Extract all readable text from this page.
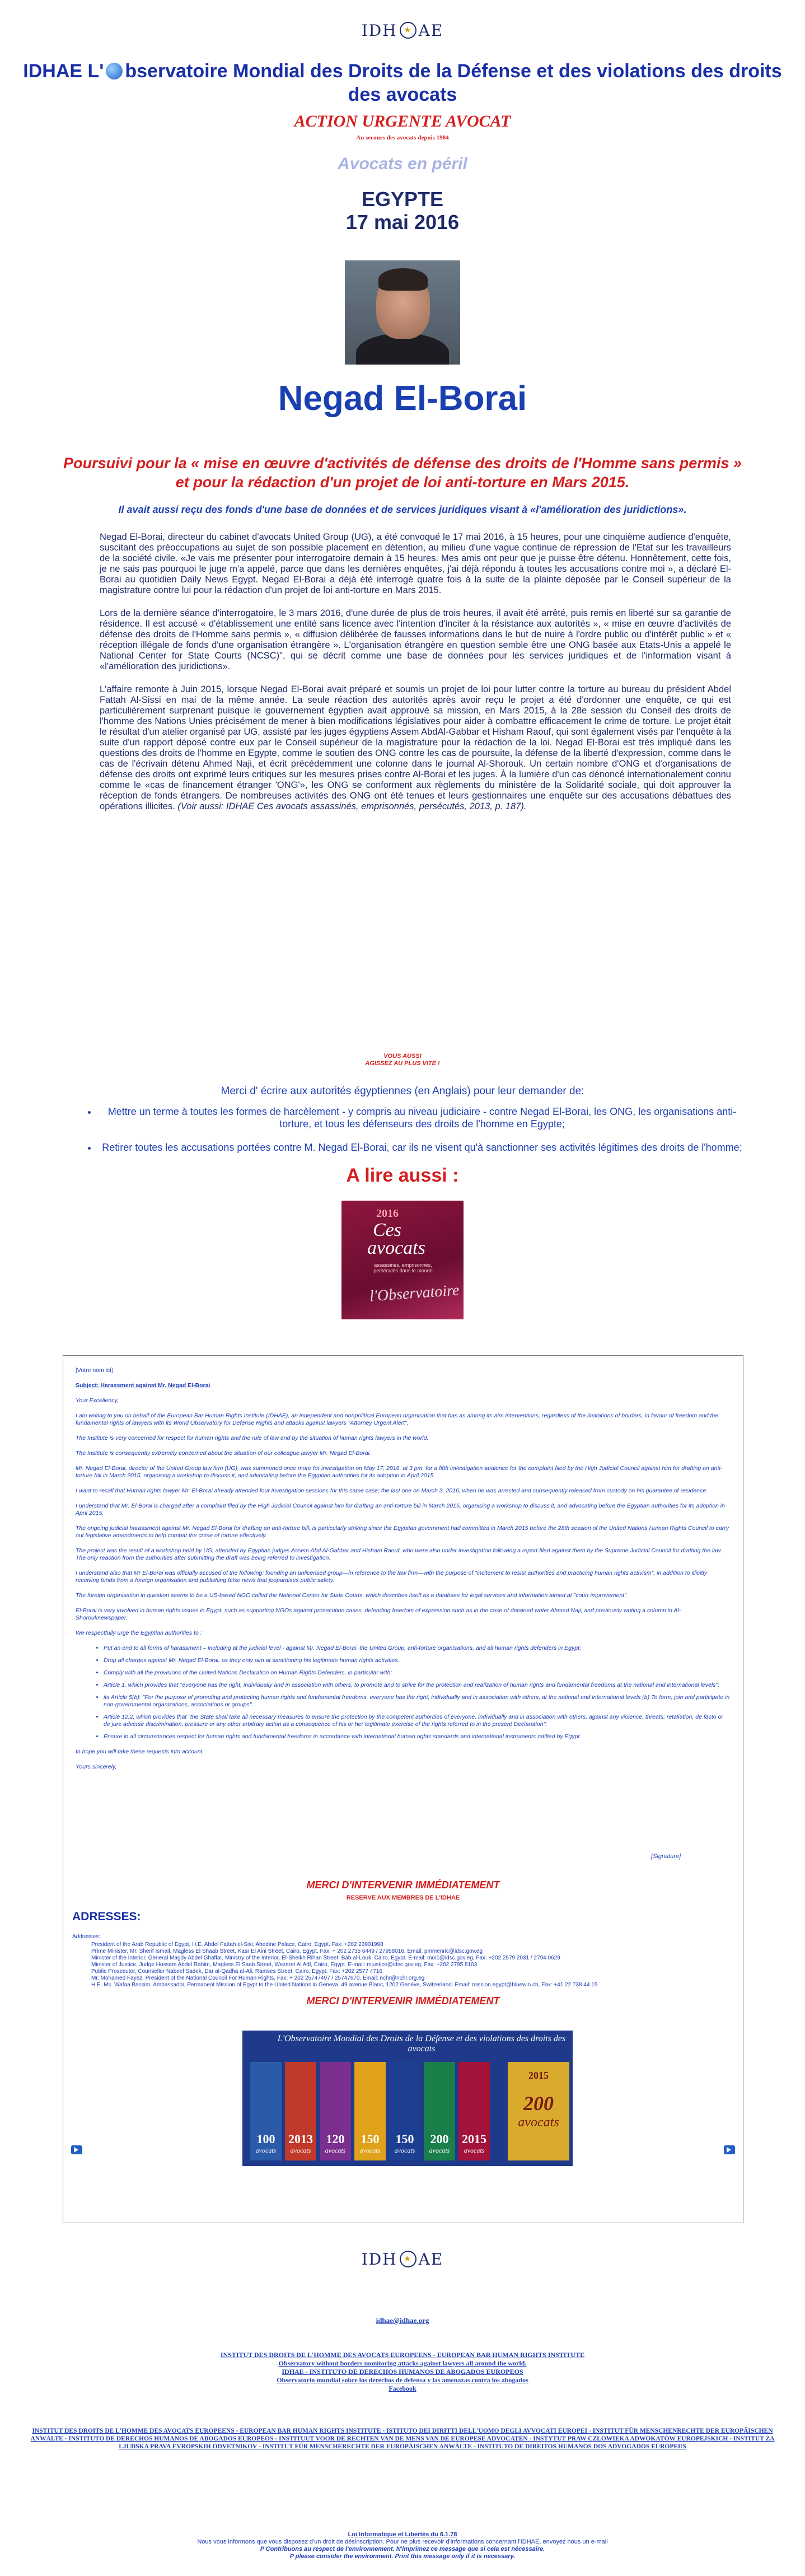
IDH ★ AE
IDHAE L' bservatoire Mondial des Droits de la Défense et des violations des droits des avocats
ACTION URGENTE AVOCAT
Au secours des avocats depuis 1984
Avocats en péril
EGYPTE
17 mai 2016
Negad El-Borai
Poursuivi pour la « mise en œuvre d'activités de défense des droits de l'Homme sans permis » et pour la rédaction d'un projet de loi anti-torture en Mars 2015.
Il avait aussi reçu des fonds d'une base de données et de services juridiques visant à «l'amélioration des juridictions».

Negad El-Borai, directeur du cabinet d'avocats United Group (UG), a été convoqué le 17 mai 2016, à 15 heures, pour une cinquième audience d'enquête, suscitant des préoccupations au sujet de son possible placement en détention, au milieu d'une vague continue de répression de l'Etat sur les travailleurs de la société civile. «Je vais me présenter pour interrogatoire demain à 15 heures. Mes amis ont peur que je puisse être détenu. Honnêtement, cette fois, je ne sais pas pourquoi le juge m'a appelé, parce que dans les dernières enquêtes, j'ai déjà répondu à toutes les accusations contre moi », a déclaré El-Borai au quotidien Daily News Egypt. Negad El-Borai a déjà été interrogé quatre fois à la suite de la plainte déposée par le Conseil supérieur de la magistrature contre lui pour la rédaction d'un projet de loi anti-torture en Mars 2015.

Lors de la dernière séance d'interrogatoire, le 3 mars 2016, d'une durée de plus de trois heures, il avait été arrêté, puis remis en liberté sur sa garantie de résidence. Il est accusé « d'établissement une entité sans licence avec l'intention d'inciter à la résistance aux autorités », « mise en œuvre d'activités de défense des droits de l'Homme sans permis », « diffusion délibérée de fausses informations dans le but de nuire à l'ordre public ou d'intérêt public » et « réception illégale de fonds d'une organisation étrangère ». L'organisation étrangère en question semble être une ONG basée aux Etats-Unis a appelé le National Center for State Courts (NCSC)", qui se décrit comme une base de données pour les services juridiques et de l'information visant à «l'amélioration des juridictions».

L'affaire remonte à Juin 2015, lorsque Negad El-Borai avait préparé et soumis un projet de loi pour lutter contre la torture au bureau du président Abdel Fattah Al-Sissi en mai de la même année. La seule réaction des autorités après avoir reçu le projet a été d'ordonner une enquête, ce qui est particulièrement surprenant puisque le gouvernement égyptien avait approuvé sa mission, en Mars 2015, à la 28e session du Conseil des droits de l'homme des Nations Unies précisément de mener à bien modifications législatives pour aider à combattre efficacement le crime de torture. Le projet était le résultat d'un atelier organisé par UG, assisté par les juges égyptiens Assem AbdAl-Gabbar et Hisham Raouf, qui sont également visés par l'enquête à la suite d'un rapport déposé contre eux par le Conseil supérieur de la magistrature pour la rédaction de la loi. Negad El-Borai est très impliqué dans les questions des droits de l'homme en Egypte, comme le soutien des ONG contre les cas de poursuite, la défense de la liberté d'expression, comme dans le cas de l'écrivain détenu Ahmed Naji, et écrit précédemment une colonne dans le journal Al-Shorouk. Un certain nombre d'ONG et d'organisations de défense des droits ont exprimé leurs critiques sur les mesures prises contre Al-Borai et les juges. À la lumière d'un cas dénoncé internationalement connu comme le «cas de financement étranger 'ONG'», les ONG se conforment aux règlements du ministère de la Solidarité sociale, qui doit approuver la réception de fonds étrangers. De nombreuses activités des ONG ont été tenues et leurs gestionnaires une enquête sur des accusations débattues des opérations illicites. (Voir aussi: IDHAE Ces avocats assassinés, emprisonnés, persécutés, 2013, p. 187).

VOUS AUSSI
AGISSEZ AU PLUS VITE !
Merci d' écrire aux autorités égyptiennes (en Anglais) pour leur demander de:
• Mettre un terme à toutes les formes de harcèlement - y compris au niveau judiciaire - contre Negad El-Borai, les ONG, les organisations anti-torture, et tous les défenseurs des droits de l'homme en Egypte;
• Retirer toutes les accusations portées contre M. Negad El-Borai, car ils ne visent qu'à sanctionner ses activités légitimes des droits de l'homme;
A lire aussi :
2016
Ces
avocats
assassinés, emprisonnés, persécutés dans le monde
l'Observatoire

[Votre nom ici]

Subject: Harassment against Mr. Negad El-Borai

Your Excellency,

I am writing to you on behalf of the European Bar Human Rights Institute (IDHAE), an independent and nonpolitical European organisation that has as among its aim interventions, regardless of the limitations of borders, in favour of freedom and the fundamental rights of lawyers with its World Observatory for Defense Rights and attacks against lawyers "Attorney Urgent Alert".

The Institute is very concerned for respect for human rights and the rule of law and by the situation of human rights lawyers in the world.

The Institute is consequently extremely concerned about the situation of our colleague lawyer Mr. Negad El-Borai.

Mr. Negad El-Borai, director of the United Group law firm (UG), was summoned once more for investigation on May 17, 2016, at 3 pm, for a fifth investigation audience for the complaint filed by the High Judicial Council against him for drafting an anti-torture bill in March 2015, organising a workshop to discuss it, and advocating before the Egyptian authorities for its adoption in April 2015.

I want to recall that Human rights lawyer Mr. El-Borai already attended four investigation sessions for this same case; the last one on March 3, 2016, when he was arrested and subsequently released from custody on his guarantee of residence.

I understand that Mr. El-Borai is charged after a complaint filed by the High Judicial Council against him for drafting an anti-torture bill in March 2015, organising a workshop to discuss it, and advocating before the Egyptian authorities for its adoption in April 2015.

The ongoing judicial harassment against Mr. Negad El-Borai for drafting an anti-torture bill, is particularly striking since the Egyptian government had committed in March 2015 before the 28th session of the United Nations Human Rights Council to carry out legislative amendments to help combat the crime of torture effectively.

The project was the result of a workshop held by UG, attended by Egyptian judges Assem Abd Al-Gabbar and Hisham Raouf, who were also under investigation following a report filed against them by the Supreme Judicial Council for drafting the law. The only reaction from the authorities after submitting the draft was being referred to investigation.

I understand also that Mr El-Borai was officially accused of the following: founding an unlicensed group—in reference to the law firm—with the purpose of "incitement to resist authorities and practicing human rights activism", in addition to illicitly receiving funds from a foreign organisation and publishing false news that jeopardises public safety.

The foreign organisation in question seems to be a US-based NGO called the National Center for State Courts, which describes itself as a database for legal services and information aimed at "court improvement".

El-Borai is very involved in human rights issues in Egypt, such as supporting NGOs against prosecution cases, defending freedom of expression such as in the case of detained writer Ahmed Naji, and previously writing a column in Al-Shorouknewspaper.

We respectfully urge the Egyptian authorities to :

• Put an end to all forms of harassment – including at the judicial level - against Mr. Negad El-Borai, the United Group, anti-torture organisations, and all human rights defenders in Egypt;
• Drop all charges against Mr. Negad El-Borai, as they only aim at sanctioning his legitimate human rights activities.
• Comply with all the provisions of the United Nations Declaration on Human Rights Defenders, in particular with:
• Article 1, which provides that "everyone has the right, individually and in association with others, to promote and to strive for the protection and realization of human rights and fundamental freedoms at the national and international levels";
• its Article 5(b): "For the purpose of promoting and protecting human rights and fundamental freedoms, everyone has the right, individually and in association with others, at the national and international levels (b) To form, join and participate in non-governmental organizations, associations or groups".
• Article 12.2, which provides that "the State shall take all necessary measures to ensure the protection by the competent authorities of everyone, individually and in association with others, against any violence, threats, retaliation, de facto or de jure adverse discrimination, pressure or any other arbitrary action as a consequence of his or her legitimate exercise of the rights referred to in the present Declaration";
• Ensure in all circumstances respect for human rights and fundamental freedoms in accordance with international human rights standards and international instruments ratified by Egypt.

In hope you will take these requests into account.

Yours sincerely,

[Signature]
MERCI D'INTERVENIR IMMÉDIATEMENT
RESERVE AUX MEMBRES DE L'IDHAE
ADRESSES:
Addresses:
President of the Arab Republic of Egypt, H.E. Abdel Fattah el-Sisi, Abedine Palace, Cairo, Egypt. Fax: +202 23901998
Prime Minister, Mr. Sherif Ismail, Magless El Shaab Street, Kasr El Aini Street, Cairo, Egypt. Fax: + 202 2735 6449 / 27958016. Email: pmmenric@idsc.gov.eg
Minister of the Interior, General Magdy Abdel Ghaffar, Ministry of the Interior, El-Sheikh Rihan Street, Bab al-Louk, Cairo, Egypt. E-mail: moi1@idsc.gov.eg, Fax: +202 2579 2031 / 2794 0629
Minister of Justice, Judge Hossam Abdel Rahim, Magless El Saab Street, Wezaret Al Adl, Cairo, Egypt. E-mail: mjustice@idsc.gov.eg, Fax: +202 2795 8103
Public Prosecutor, Counsellor Nabeel Sadek, Dar al-Qadha al-Ali, Ramses Street, Cairo, Egypt. Fax: +202 2577 4716
Mr. Mohamed Fayez, President of the National Council For Human Rights. Fax: + 202 25747497 / 25747670. Email: nchr@nchr.org.eg
H.E. Ms. Wafaa Bassim, Ambassador, Permanent Mission of Egypt to the United Nations in Geneva, 49 avenue Blanc, 1202 Genève, Switzerland. Email: mission.egypt@bluewin.ch, Fax: +41 22 738 44 15
MERCI D'INTERVENIR IMMÉDIATEMENT
L'Observatoire Mondial des Droits de la Défense et des violations des droits des avocats
100
avocats
2013
avocats
120
avocats
150
avocats
150
avocats
200
avocats
2015
avocats
2015
200
avocats
IDH ★ AE
idhae@idhae.org
INSTITUT DES DROITS DE L'HOMME DES AVOCATS EUROPEENS - EUROPEAN BAR HUMAN RIGHTS INSTITUTE
Observatory without borders monitoring attacks against lawyers all around the world.
IDHAE - INSTITUTO DE DERECHOS HUMANOS DE ABOGADOS EUROPEOS
Observatorio mundial sobre los derechos de defensa y las amenazas contra los abogados
Facebook
INSTITUT DES DROITS DE L'HOMME DES AVOCATS EUROPEENS - EUROPEAN BAR HUMAN RIGHTS INSTITUTE - ISTITUTO DEI DIRITTI DELL'UOMO DEGLI AVVOCATI EUROPEI - INSTITUT FÜR MENSCHENRECHTE DER EUROPÄISCHEN ANWÄLTE - INSTITUTO DE DERECHOS HUMANOS DE ABOGADOS EUROPEOS - INSTITUUT VOOR DE RECHTEN VAN DE MENS VAN DE EUROPESE ADVOCATEN - INSTYTUT PRAW CZŁOWIEKA ADWOKATÓW EUROPEJSKICH - INSTITUT ZA LJUDSKA PRAVA EVROPSKIH ODVETNIKOV - INSTITUT FÜR MENSCHERECHTE DER EUROPÄISCHEN ANWÄLTE - INSTITUTO DE DIREITOS HUMANOS DOS ADVOGADOS EUROPEUS
Loi Informatique et Libertés du 6.1.78
Nous vous informons que vous disposez d'un droit de désinscription. Pour ne plus recevoir d'informations concernant l'IDHAE, envoyez nous un e-mail
P Contribuons au respect de l'environnement. N'imprimez ce message que si cela est nécessaire.
P please consider the environment. Print this message only if it is necessary.
